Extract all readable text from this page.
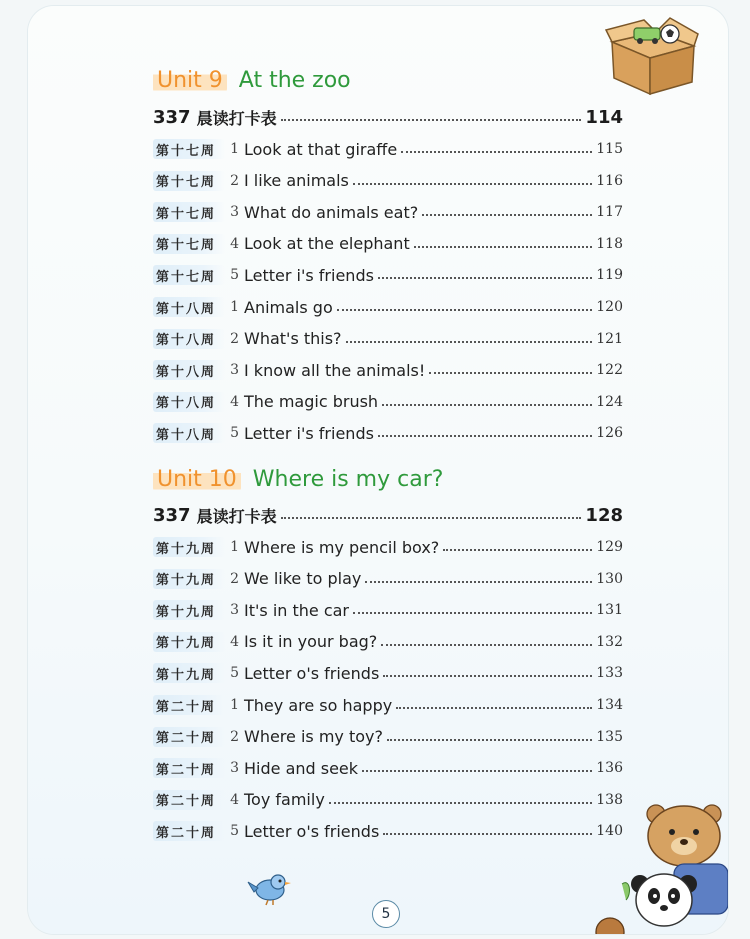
Unit 9 At the zoo
337 晨读打卡表	114
第十七周	1 Look at that giraffe	115
第十七周	2 I like animals	116
第十七周	3 What do animals eat?	117
第十七周	4 Look at the elephant	118
第十七周	5 Letter i's friends	119
第十八周	1 Animals go	120
第十八周	2 What's this?	121
第十八周	3 I know all the animals!	122
第十八周	4 The magic brush	124
第十八周	5 Letter i's friends	126
Unit 10 Where is my car?
337 晨读打卡表	128
第十九周	1 Where is my pencil box?	129
第十九周	2 We like to play	130
第十九周	3 It's in the car	131
第十九周	4 Is it in your bag?	132
第十九周	5 Letter o's friends	133
第二十周	1 They are so happy	134
第二十周	2 Where is my toy?	135
第二十周	3 Hide and seek	136
第二十周	4 Toy family	138
第二十周	5 Letter o's friends	140
5
